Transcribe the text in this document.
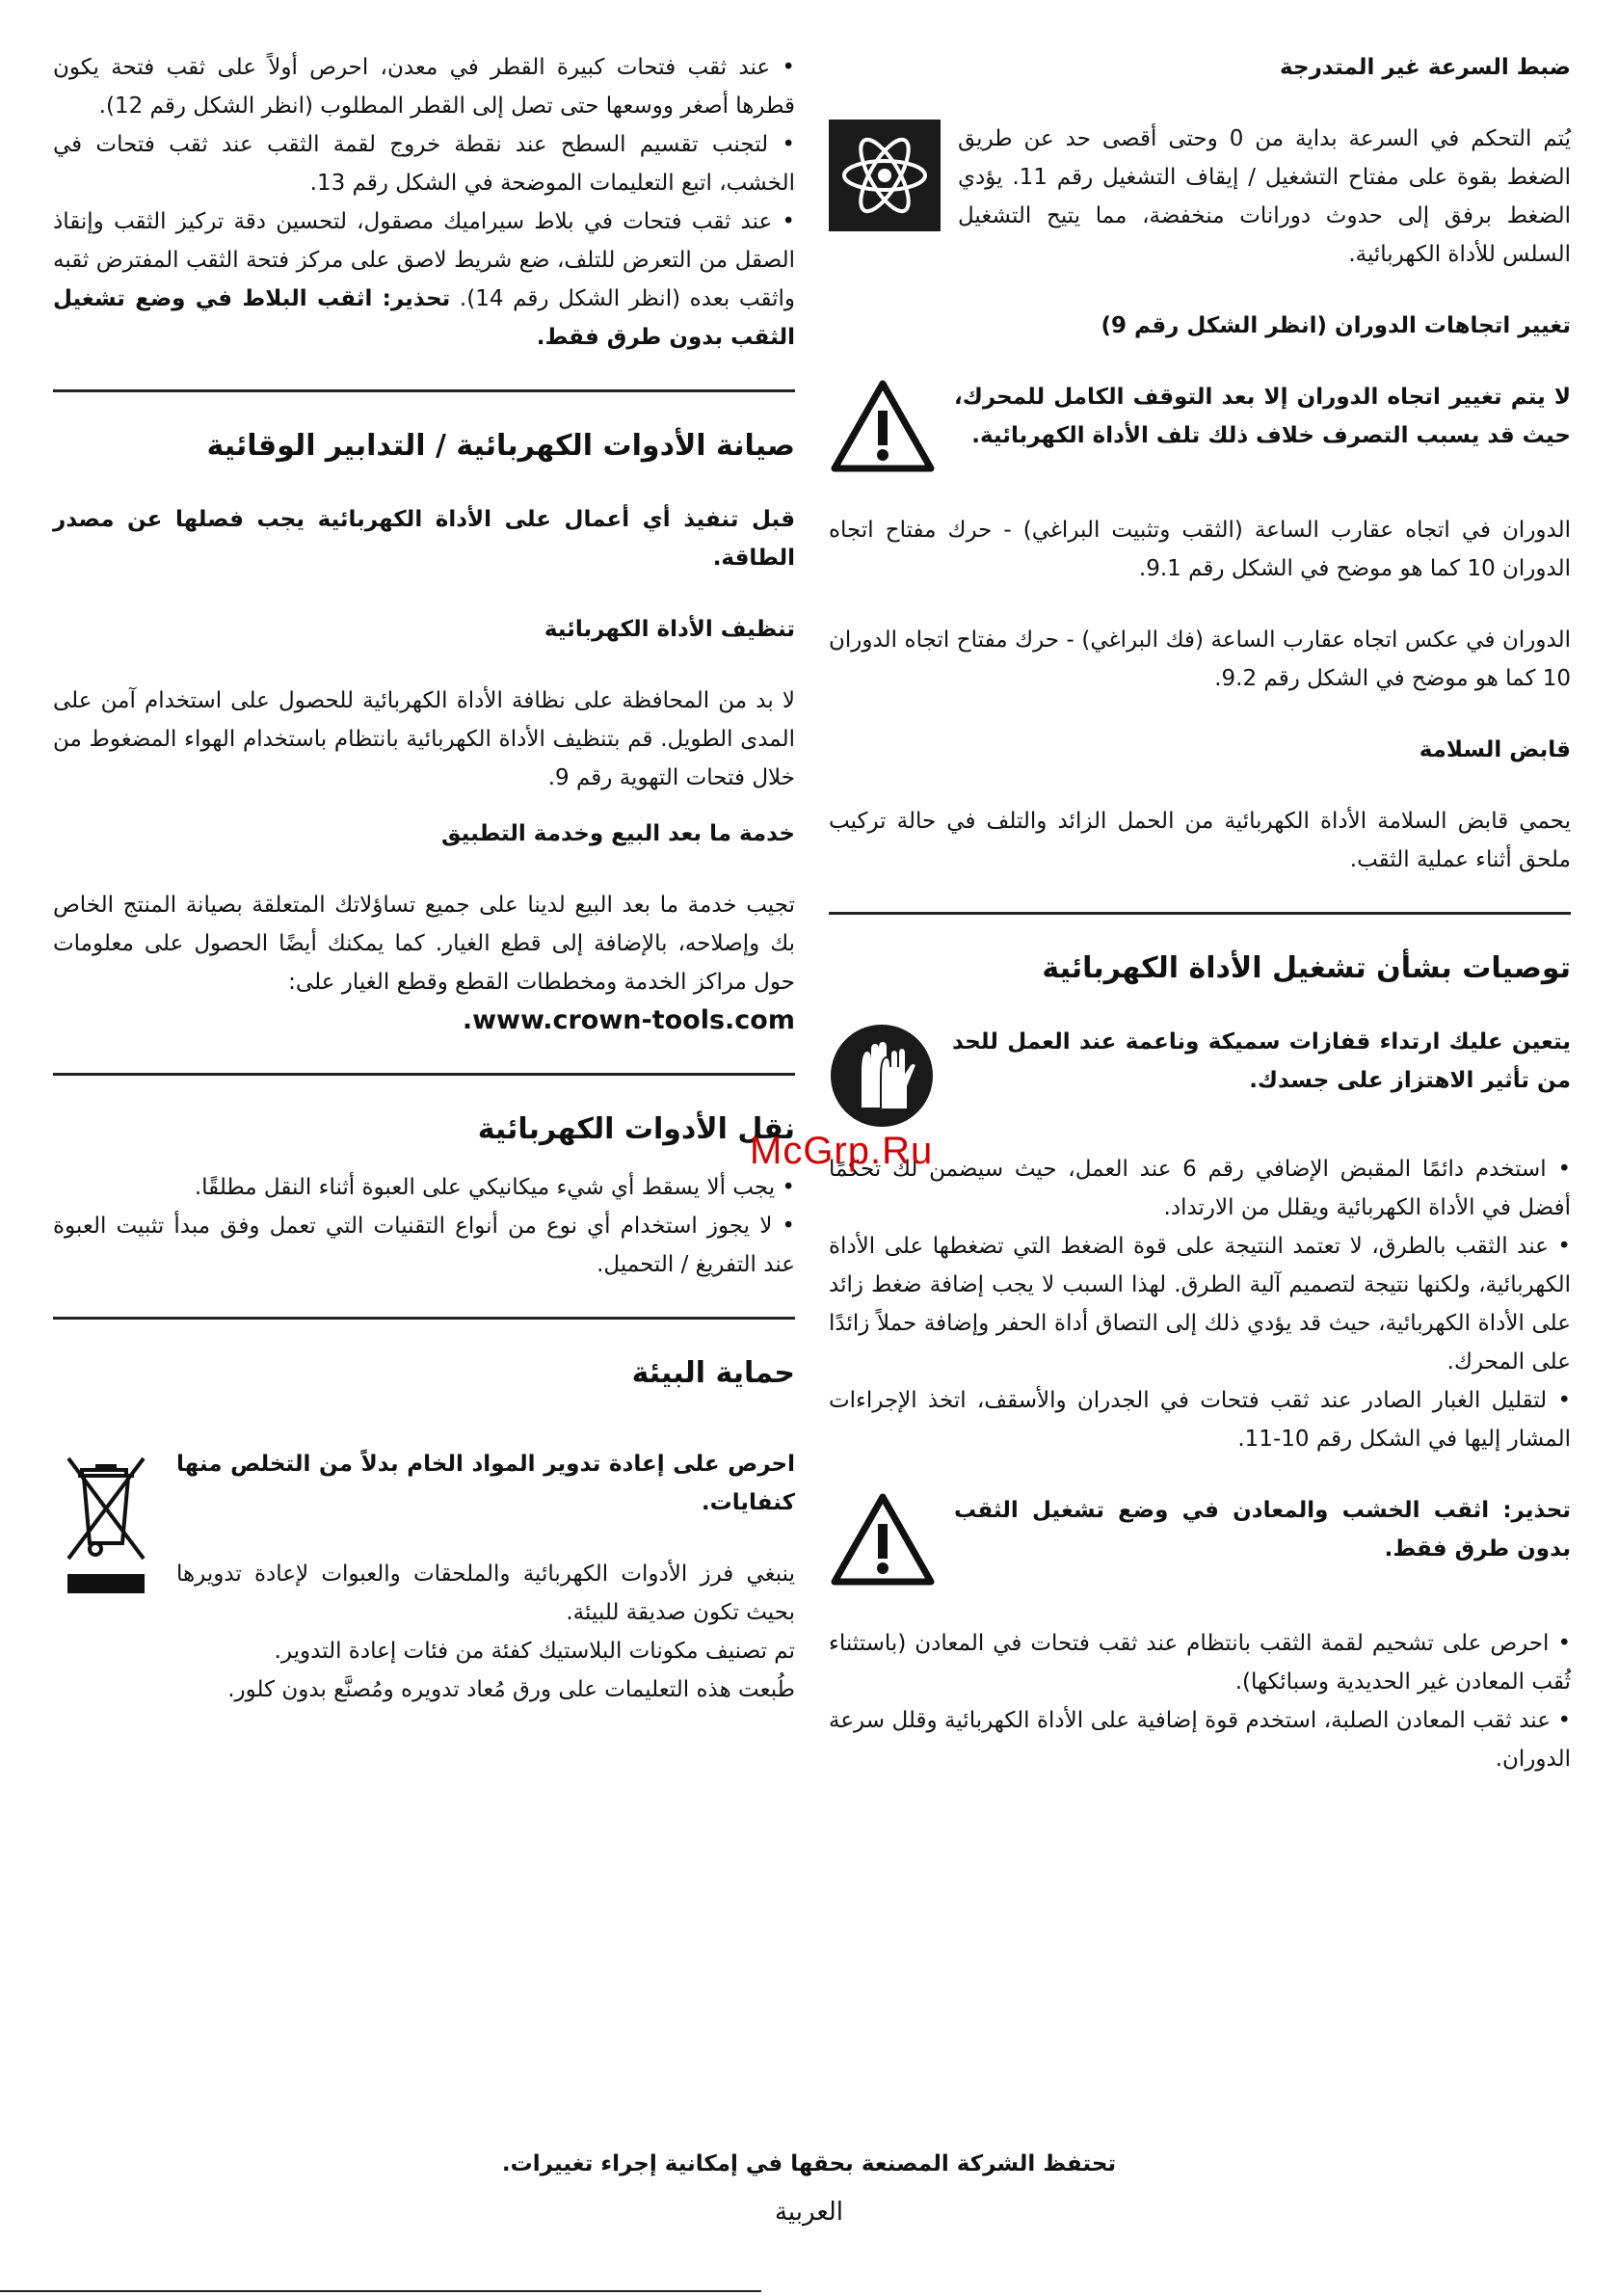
ضبط السرعة غير المتدرجة

يُتم التحكم في السرعة بداية من 0 وحتى أقصى حد عن طريق الضغط بقوة على مفتاح التشغيل / إيقاف التشغيل رقم 11. يؤدي الضغط برفق إلى حدوث دورانات منخفضة، مما يتيح التشغيل السلس للأداة الكهربائية.

تغيير اتجاهات الدوران (انظر الشكل رقم 9)

لا يتم تغيير اتجاه الدوران إلا بعد التوقف الكامل للمحرك، حيث قد يسبب التصرف خلاف ذلك تلف الأداة الكهربائية.

الدوران في اتجاه عقارب الساعة (الثقب وتثبيت البراغي) - حرك مفتاح اتجاه الدوران 10 كما هو موضح في الشكل رقم 9.1.

الدوران في عكس اتجاه عقارب الساعة (فك البراغي) - حرك مفتاح اتجاه الدوران 10 كما هو موضح في الشكل رقم 9.2.

قابض السلامة

يحمي قابض السلامة الأداة الكهربائية من الحمل الزائد والتلف في حالة تركيب ملحق أثناء عملية الثقب.

توصيات بشأن تشغيل الأداة الكهربائية

يتعين عليك ارتداء قفازات سميكة وناعمة عند العمل للحد من تأثير الاهتزاز على جسدك.

• استخدم دائمًا المقبض الإضافي رقم 6 عند العمل، حيث سيضمن لك تحكمًا أفضل في الأداة الكهربائية ويقلل من الارتداد.

• عند الثقب بالطرق، لا تعتمد النتيجة على قوة الضغط التي تضغطها على الأداة الكهربائية، ولكنها نتيجة لتصميم آلية الطرق. لهذا السبب لا يجب إضافة ضغط زائد على الأداة الكهربائية، حيث قد يؤدي ذلك إلى التصاق أداة الحفر وإضافة حملاً زائدًا على المحرك.

• لتقليل الغبار الصادر عند ثقب فتحات في الجدران والأسقف، اتخذ الإجراءات المشار إليها في الشكل رقم 10-11.

تحذير: اثقب الخشب والمعادن في وضع تشغيل الثقب بدون طرق فقط.

• احرص على تشحيم لقمة الثقب بانتظام عند ثقب فتحات في المعادن (باستثناء ثُقب المعادن غير الحديدية وسبائكها).

• عند ثقب المعادن الصلبة، استخدم قوة إضافية على الأداة الكهربائية وقلل سرعة الدوران.

• عند ثقب فتحات كبيرة القطر في معدن، احرص أولاً على ثقب فتحة يكون قطرها أصغر ووسعها حتى تصل إلى القطر المطلوب (انظر الشكل رقم 12).

• لتجنب تقسيم السطح عند نقطة خروج لقمة الثقب عند ثقب فتحات في الخشب، اتبع التعليمات الموضحة في الشكل رقم 13.

• عند ثقب فتحات في بلاط سيراميك مصقول، لتحسين دقة تركيز الثقب وإنقاذ الصقل من التعرض للتلف، ضع شريط لاصق على مركز فتحة الثقب المفترض ثقبه واثقب بعده (انظر الشكل رقم 14). تحذير: اثقب البلاط في وضع تشغيل الثقب بدون طرق فقط.

صيانة الأدوات الكهربائية / التدابير الوقائية

قبل تنفيذ أي أعمال على الأداة الكهربائية يجب فصلها عن مصدر الطاقة.

تنظيف الأداة الكهربائية

لا بد من المحافظة على نظافة الأداة الكهربائية للحصول على استخدام آمن على المدى الطويل. قم بتنظيف الأداة الكهربائية بانتظام باستخدام الهواء المضغوط من خلال فتحات التهوية رقم 9.

خدمة ما بعد البيع وخدمة التطبيق

تجيب خدمة ما بعد البيع لدينا على جميع تساؤلاتك المتعلقة بصيانة المنتج الخاص بك وإصلاحه، بالإضافة إلى قطع الغيار. كما يمكنك أيضًا الحصول على معلومات حول مراكز الخدمة ومخططات القطع وقطع الغيار على:

www.crown-tools.com.

نقل الأدوات الكهربائية

• يجب ألا يسقط أي شيء ميكانيكي على العبوة أثناء النقل مطلقًا.

• لا يجوز استخدام أي نوع من أنواع التقنيات التي تعمل وفق مبدأ تثبيت العبوة عند التفريغ / التحميل.

حماية البيئة

احرص على إعادة تدوير المواد الخام بدلاً من التخلص منها كنفايات.

ينبغي فرز الأدوات الكهربائية والملحقات والعبوات لإعادة تدويرها بحيث تكون صديقة للبيئة.

تم تصنيف مكونات البلاستيك كفئة من فئات إعادة التدوير.

طُبعت هذه التعليمات على ورق مُعاد تدويره ومُصنَّع بدون كلور.

McGrp.Ru
تحتفظ الشركة المصنعة بحقها في إمكانية إجراء تغييرات.
العربية
